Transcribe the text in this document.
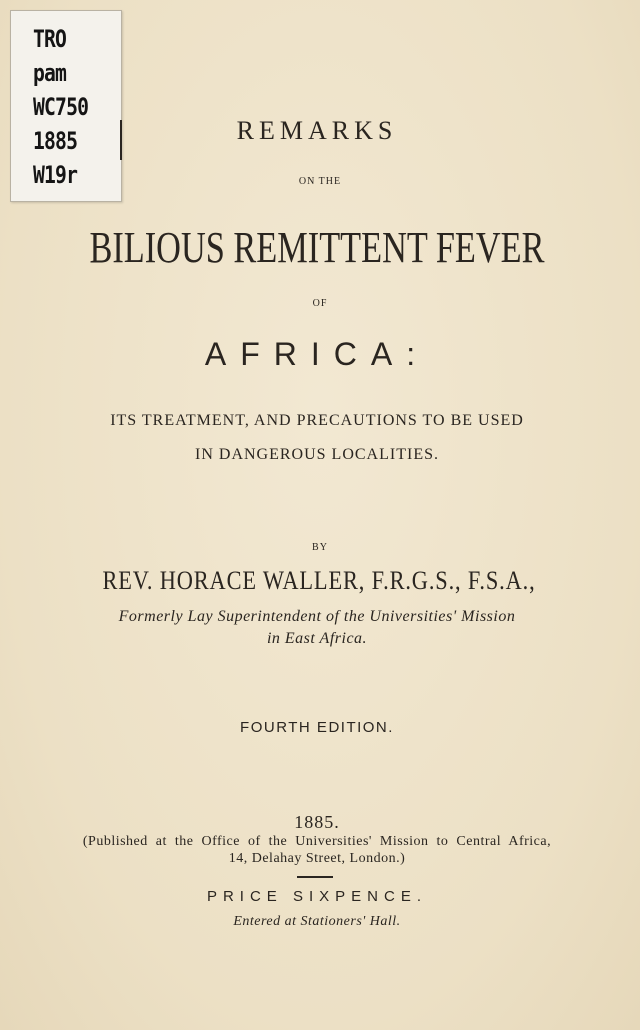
TRO
pam
WC750
1885
W19r
REMARKS
ON THE
BILIOUS REMITTENT FEVER
OF
AFRICA:
ITS TREATMENT, AND PRECAUTIONS TO BE USED
IN DANGEROUS LOCALITIES.
BY
REV. HORACE WALLER, F.R.G.S., F.S.A.,
Formerly Lay Superintendent of the Universities' Mission
in East Africa.
FOURTH EDITION.
1885.
(Published at the Office of the Universities' Mission to Central Africa,
14, Delahay Street, London.)
PRICE SIXPENCE.
Entered at Stationers' Hall.
